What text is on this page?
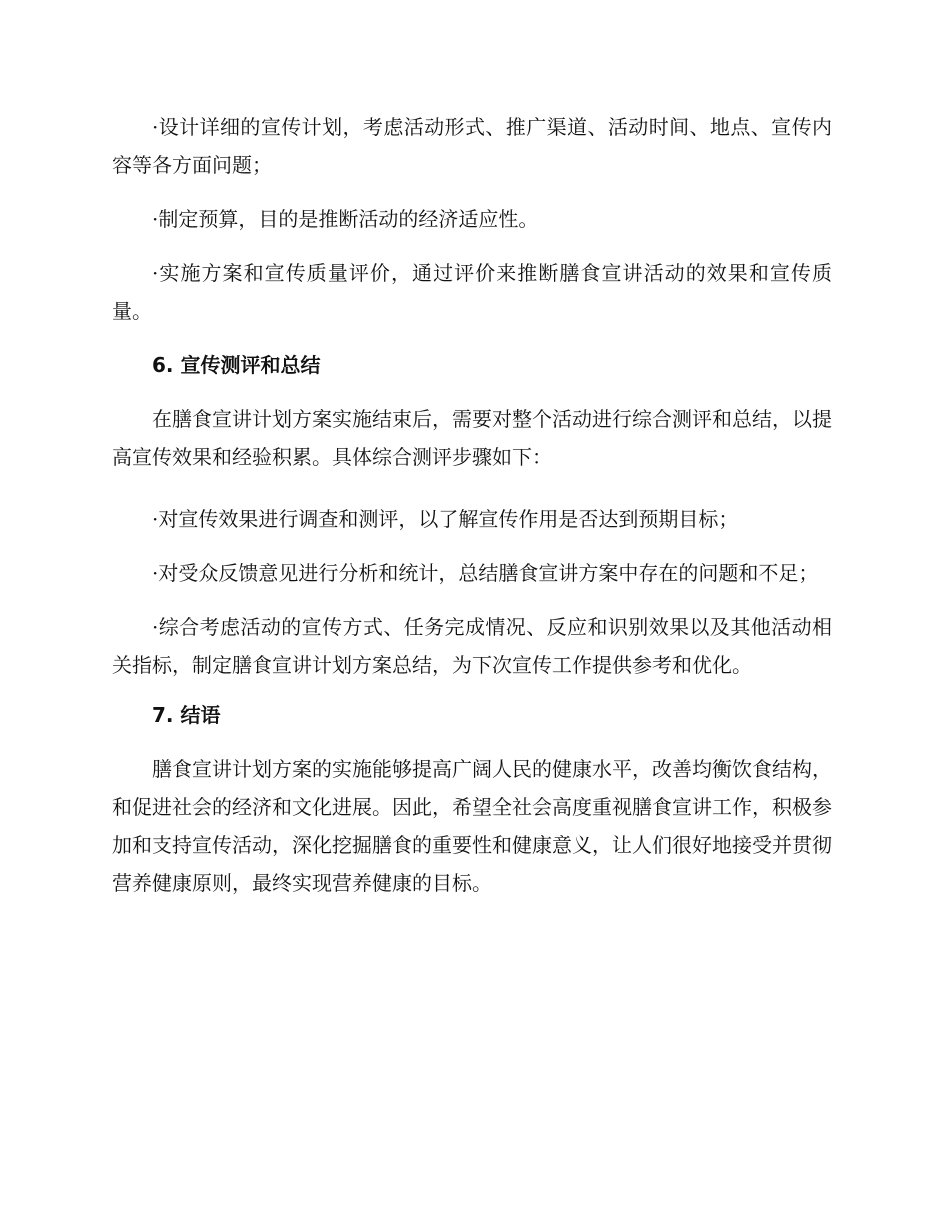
·设计详细的宣传计划，考虑活动形式、推广渠道、活动时间、地点、宣传内容等各方面问题；

·制定预算，目的是推断活动的经济适应性。

·实施方案和宣传质量评价，通过评价来推断膳食宣讲活动的效果和宣传质量。

6. 宣传测评和总结

在膳食宣讲计划方案实施结束后，需要对整个活动进行综合测评和总结，以提高宣传效果和经验积累。具体综合测评步骤如下：

·对宣传效果进行调查和测评，以了解宣传作用是否达到预期目标；

·对受众反馈意见进行分析和统计，总结膳食宣讲方案中存在的问题和不足；

·综合考虑活动的宣传方式、任务完成情况、反应和识别效果以及其他活动相关指标，制定膳食宣讲计划方案总结，为下次宣传工作提供参考和优化。

7. 结语

膳食宣讲计划方案的实施能够提高广阔人民的健康水平，改善均衡饮食结构，和促进社会的经济和文化进展。因此，希望全社会高度重视膳食宣讲工作，积极参加和支持宣传活动，深化挖掘膳食的重要性和健康意义，让人们很好地接受并贯彻营养健康原则，最终实现营养健康的目标。
